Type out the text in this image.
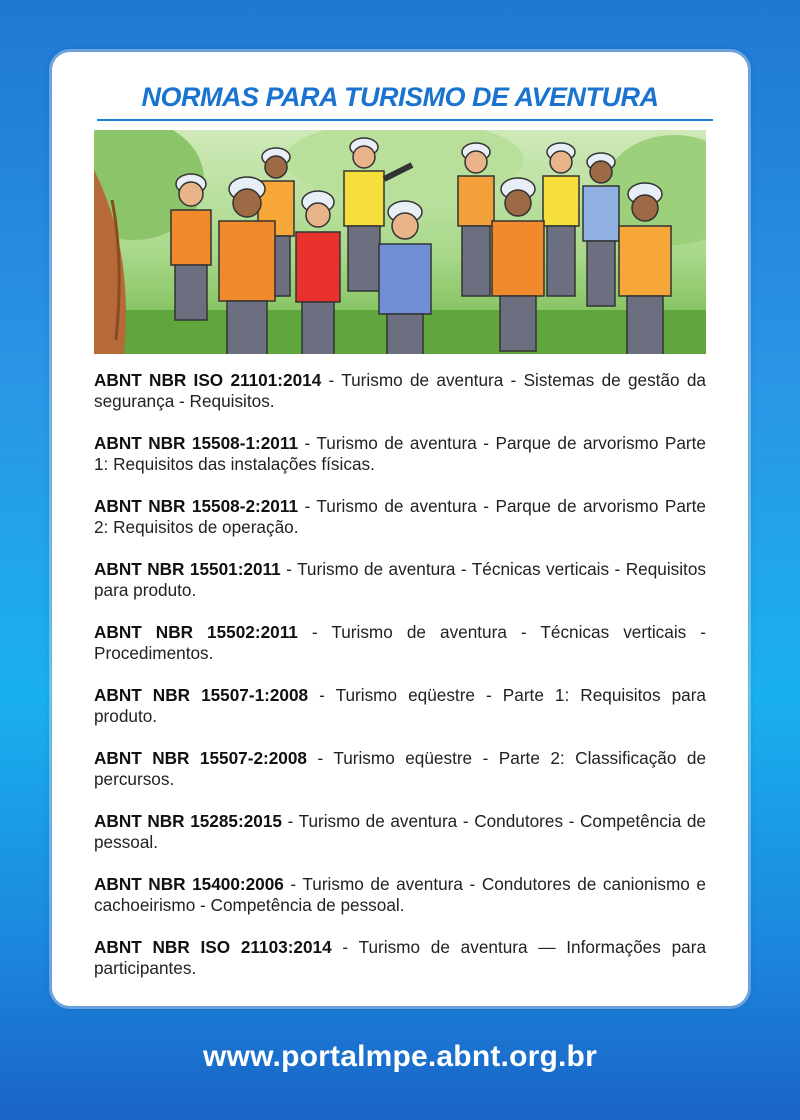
NORMAS PARA TURISMO DE AVENTURA
ABNT NBR ISO 21101:2014 - Turismo de aventura - Sistemas de gestão da segurança - Requisitos.
ABNT NBR 15508-1:2011 - Turismo de aventura - Parque de arvorismo Parte 1: Requisitos das instalações físicas.
ABNT NBR 15508-2:2011 - Turismo de aventura - Parque de arvorismo Parte 2: Requisitos de operação.
ABNT NBR 15501:2011 - Turismo de aventura - Técnicas verticais - Requisitos para produto.
ABNT NBR 15502:2011 - Turismo de aventura - Técnicas verticais - Procedimentos.
ABNT NBR 15507-1:2008 - Turismo eqüestre - Parte 1: Requisitos para produto.
ABNT NBR 15507-2:2008 - Turismo eqüestre - Parte 2: Classificação de percursos.
ABNT NBR 15285:2015 - Turismo de aventura - Condutores - Competência de pessoal.
ABNT NBR 15400:2006 - Turismo de aventura - Condutores de canionismo e cachoeirismo - Competência de pessoal.
ABNT NBR ISO 21103:2014 - Turismo de aventura — Informações para participantes.
www.portalmpe.abnt.org.br
